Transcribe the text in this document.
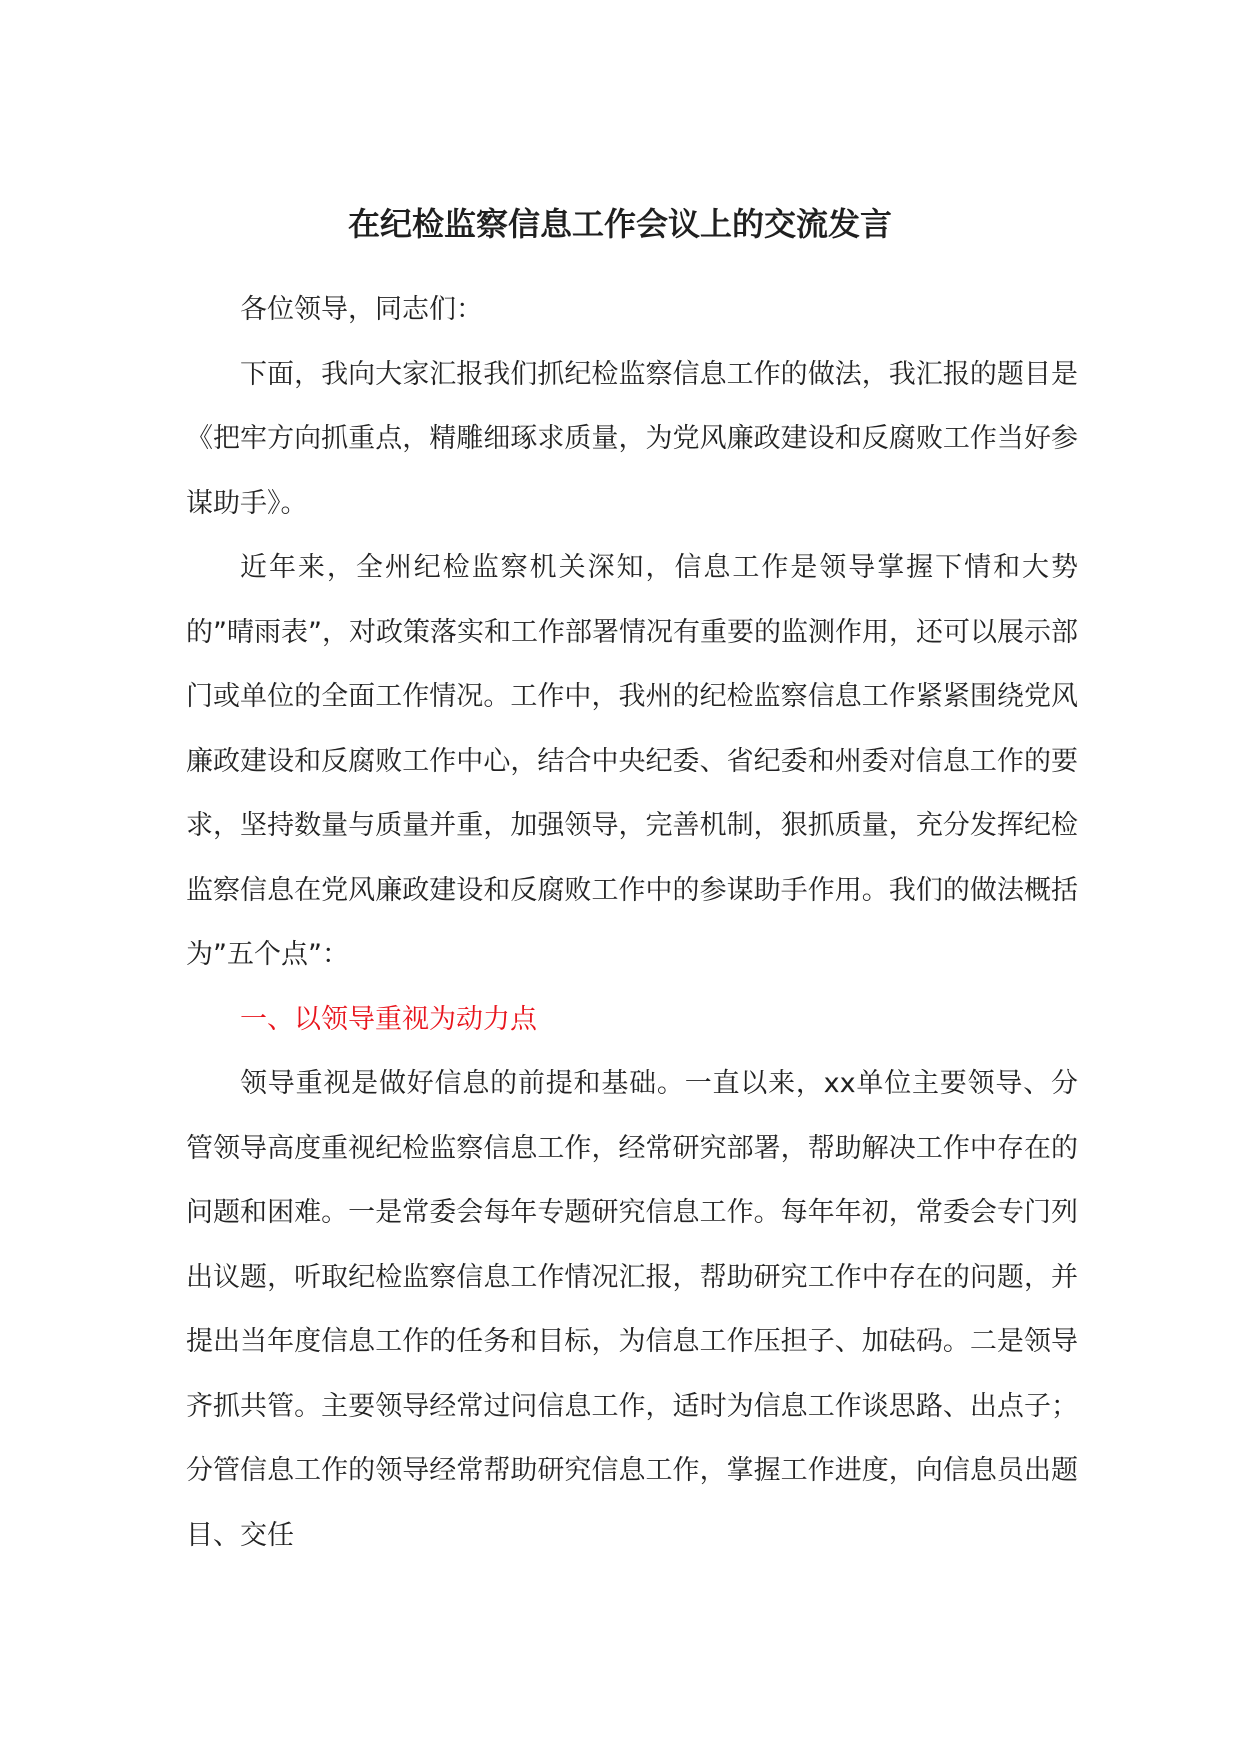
在纪检监察信息工作会议上的交流发言

各位领导，同志们：

下面，我向大家汇报我们抓纪检监察信息工作的做法，我汇报的题目是《把牢方向抓重点，精雕细琢求质量，为党风廉政建设和反腐败工作当好参谋助手》。

近年来，全州纪检监察机关深知，信息工作是领导掌握下情和大势的”晴雨表”，对政策落实和工作部署情况有重要的监测作用，还可以展示部门或单位的全面工作情况。工作中，我州的纪检监察信息工作紧紧围绕党风廉政建设和反腐败工作中心，结合中央纪委、省纪委和州委对信息工作的要求，坚持数量与质量并重，加强领导，完善机制，狠抓质量，充分发挥纪检监察信息在党风廉政建设和反腐败工作中的参谋助手作用。我们的做法概括为”五个点”：

一、以领导重视为动力点

领导重视是做好信息的前提和基础。一直以来，xx单位主要领导、分管领导高度重视纪检监察信息工作，经常研究部署，帮助解决工作中存在的问题和困难。一是常委会每年专题研究信息工作。每年年初，常委会专门列出议题，听取纪检监察信息工作情况汇报，帮助研究工作中存在的问题，并提出当年度信息工作的任务和目标，为信息工作压担子、加砝码。二是领导齐抓共管。主要领导经常过问信息工作，适时为信息工作谈思路、出点子；分管信息工作的领导经常帮助研究信息工作，掌握工作进度，向信息员出题目、交任
